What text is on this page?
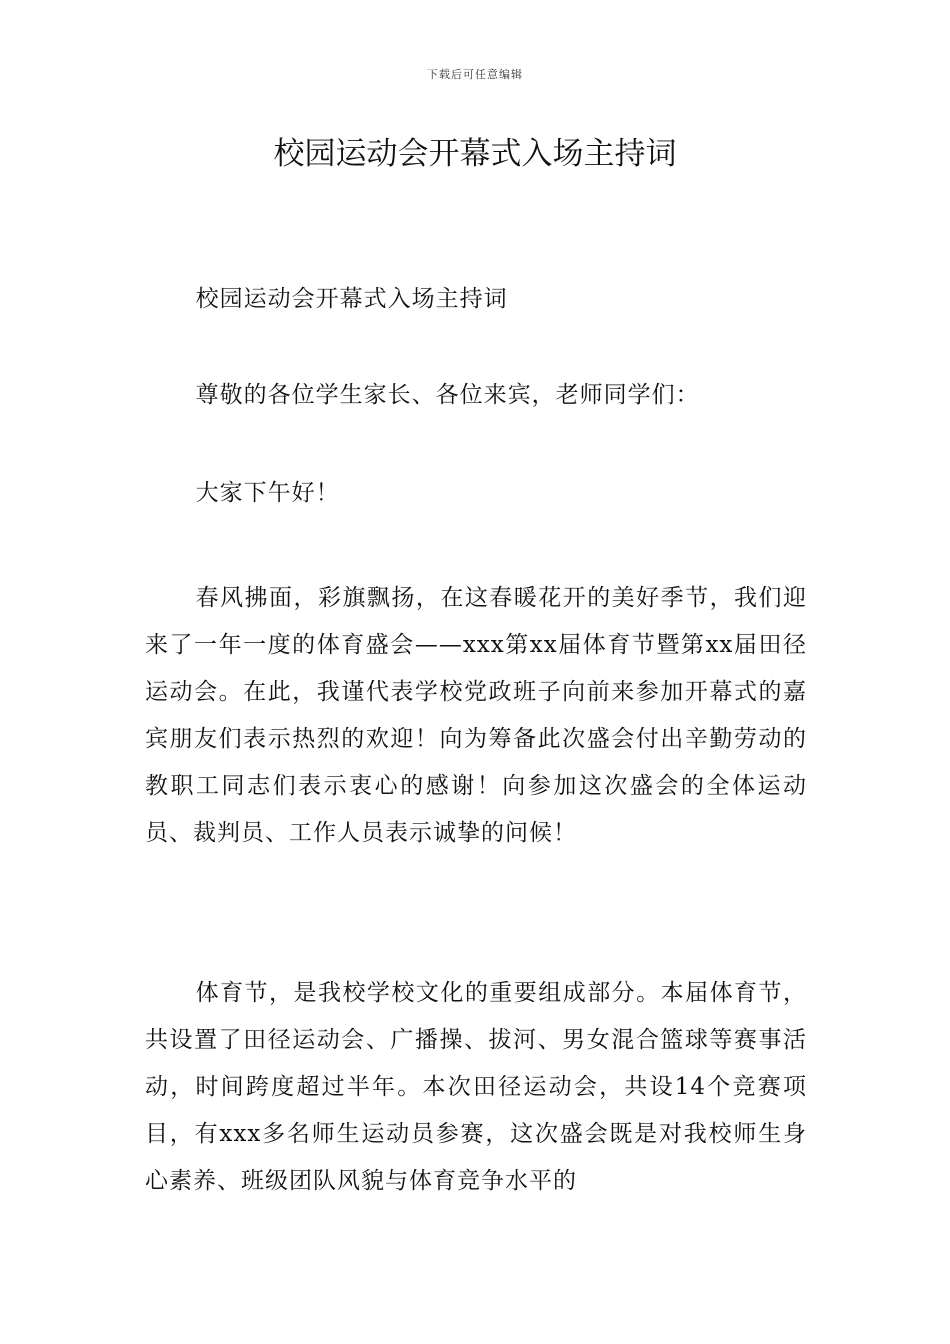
下载后可任意编辑
校园运动会开幕式入场主持词

校园运动会开幕式入场主持词

尊敬的各位学生家长、各位来宾，老师同学们：

大家下午好！

春风拂面，彩旗飘扬，在这春暖花开的美好季节，我们迎来了一年一度的体育盛会——xxx第xx届体育节暨第xx届田径运动会。在此，我谨代表学校党政班子向前来参加开幕式的嘉宾朋友们表示热烈的欢迎！向为筹备此次盛会付出辛勤劳动的教职工同志们表示衷心的感谢！向参加这次盛会的全体运动员、裁判员、工作人员表示诚挚的问候！

体育节，是我校学校文化的重要组成部分。本届体育节，共设置了田径运动会、广播操、拔河、男女混合篮球等赛事活动，时间跨度超过半年。本次田径运动会，共设14个竞赛项目，有xxx多名师生运动员参赛，这次盛会既是对我校师生身心素养、班级团队风貌与体育竞争水平的
